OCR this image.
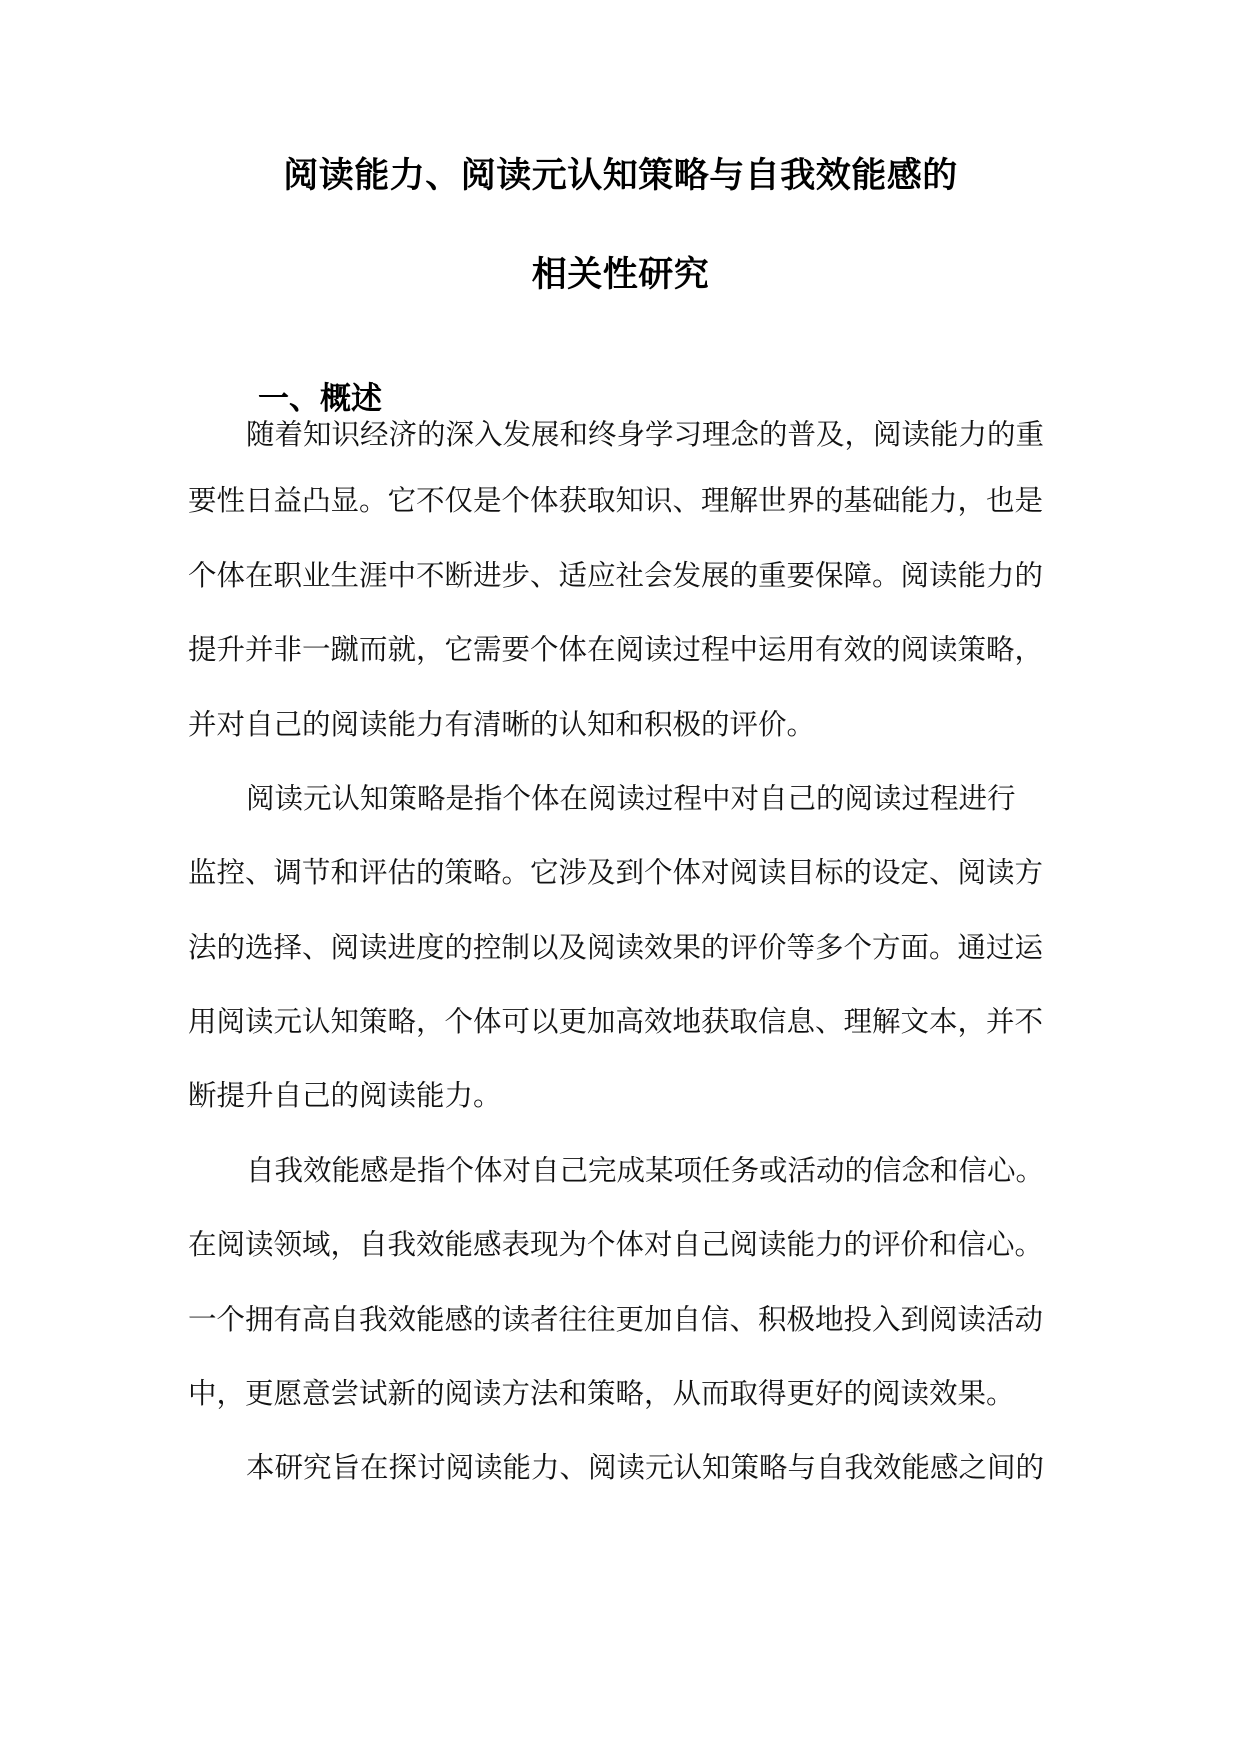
阅读能力、阅读元认知策略与自我效能感的
相关性研究
一、概述
随着知识经济的深入发展和终身学习理念的普及，阅读能力的重
要性日益凸显。它不仅是个体获取知识、理解世界的基础能力，也是
个体在职业生涯中不断进步、适应社会发展的重要保障。阅读能力的
提升并非一蹴而就，它需要个体在阅读过程中运用有效的阅读策略，
并对自己的阅读能力有清晰的认知和积极的评价。
阅读元认知策略是指个体在阅读过程中对自己的阅读过程进行
监控、调节和评估的策略。它涉及到个体对阅读目标的设定、阅读方
法的选择、阅读进度的控制以及阅读效果的评价等多个方面。通过运
用阅读元认知策略，个体可以更加高效地获取信息、理解文本，并不
断提升自己的阅读能力。
自我效能感是指个体对自己完成某项任务或活动的信念和信心。
在阅读领域，自我效能感表现为个体对自己阅读能力的评价和信心。
一个拥有高自我效能感的读者往往更加自信、积极地投入到阅读活动
中，更愿意尝试新的阅读方法和策略，从而取得更好的阅读效果。
本研究旨在探讨阅读能力、阅读元认知策略与自我效能感之间的
